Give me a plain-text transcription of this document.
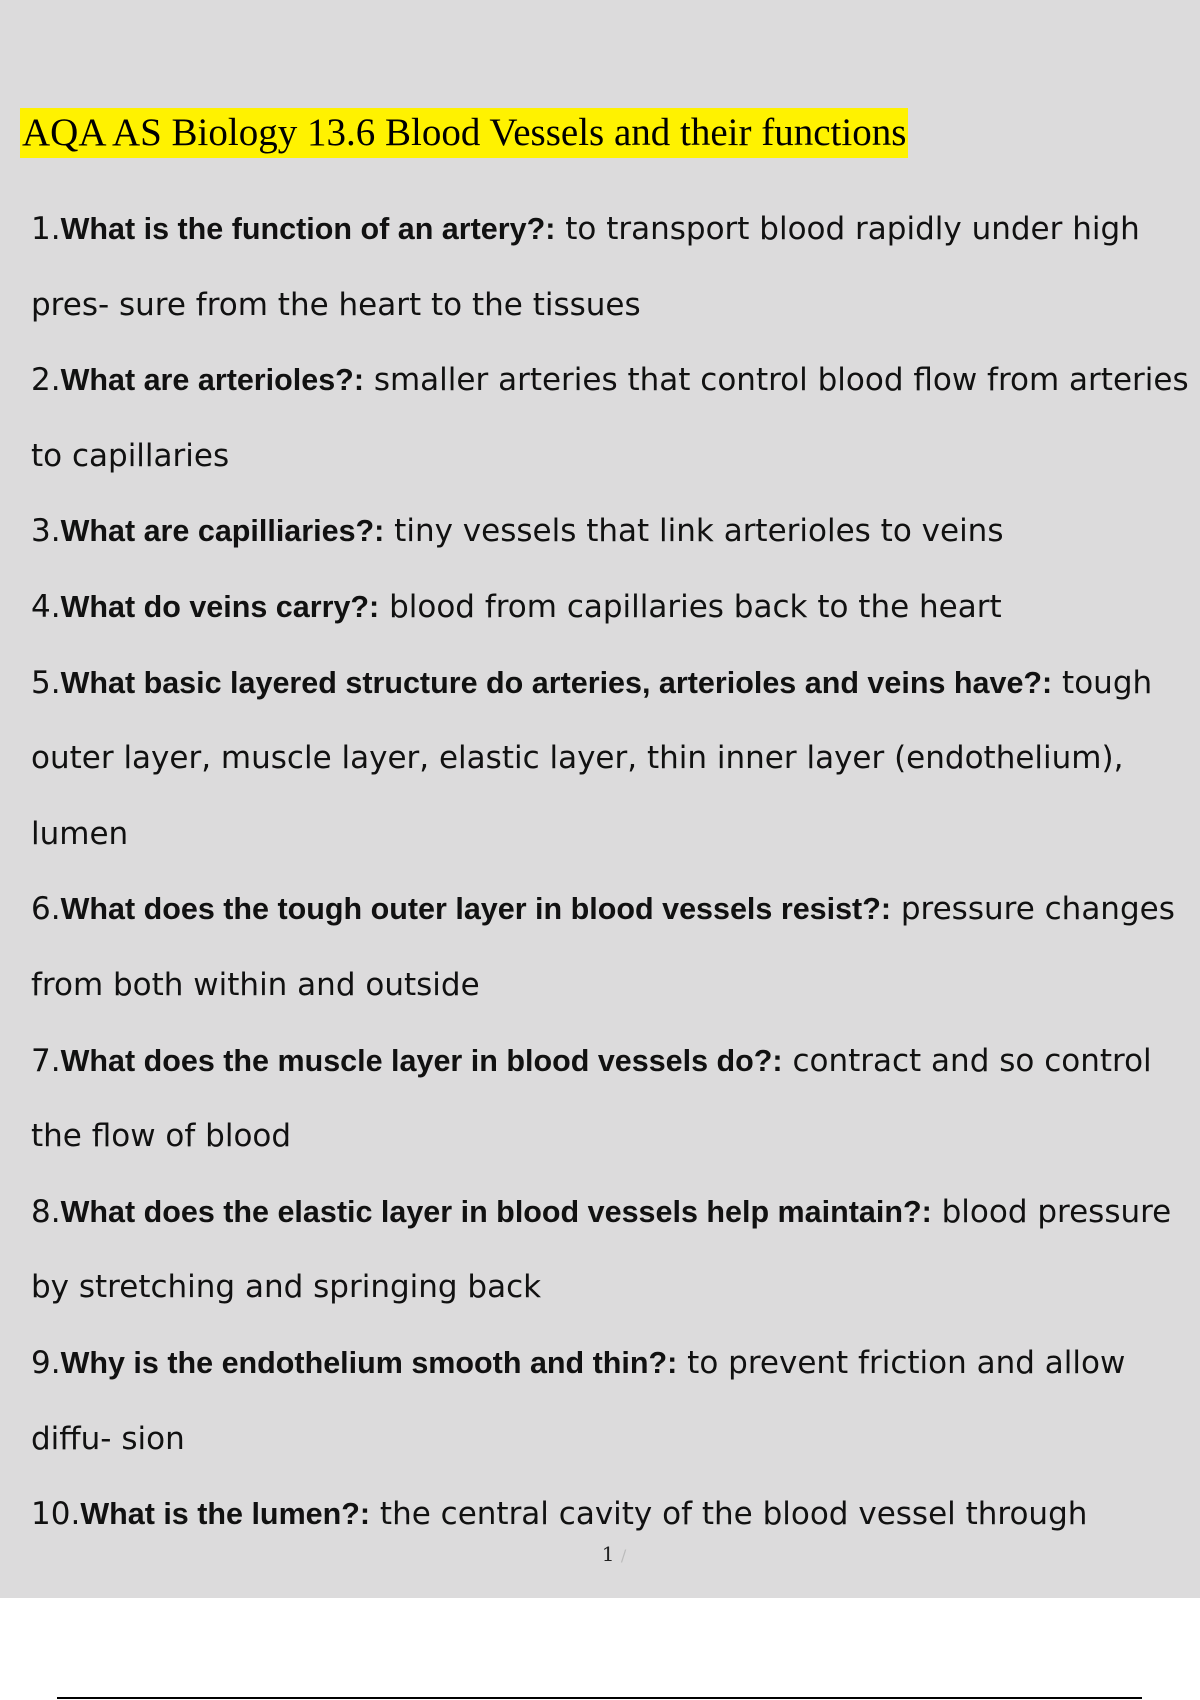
AQA AS Biology 13.6 Blood Vessels and their functions
1.What is the function of an artery?: to transport blood rapidly under high pres- sure from the heart to the tissues
2.What are arterioles?: smaller arteries that control blood flow from arteries to capillaries
3.What are capilliaries?: tiny vessels that link arterioles to veins
4.What do veins carry?: blood from capillaries back to the heart
5.What basic layered structure do arteries, arterioles and veins have?: tough outer layer, muscle layer, elastic layer, thin inner layer (endothelium), lumen
6.What does the tough outer layer in blood vessels resist?: pressure changes from both within and outside
7.What does the muscle layer in blood vessels do?: contract and so control the flow of blood
8.What does the elastic layer in blood vessels help maintain?: blood pressure by stretching and springing back
9.Why is the endothelium smooth and thin?: to prevent friction and allow diffu- sion
10.What is the lumen?: the central cavity of the blood vessel through
1 /
